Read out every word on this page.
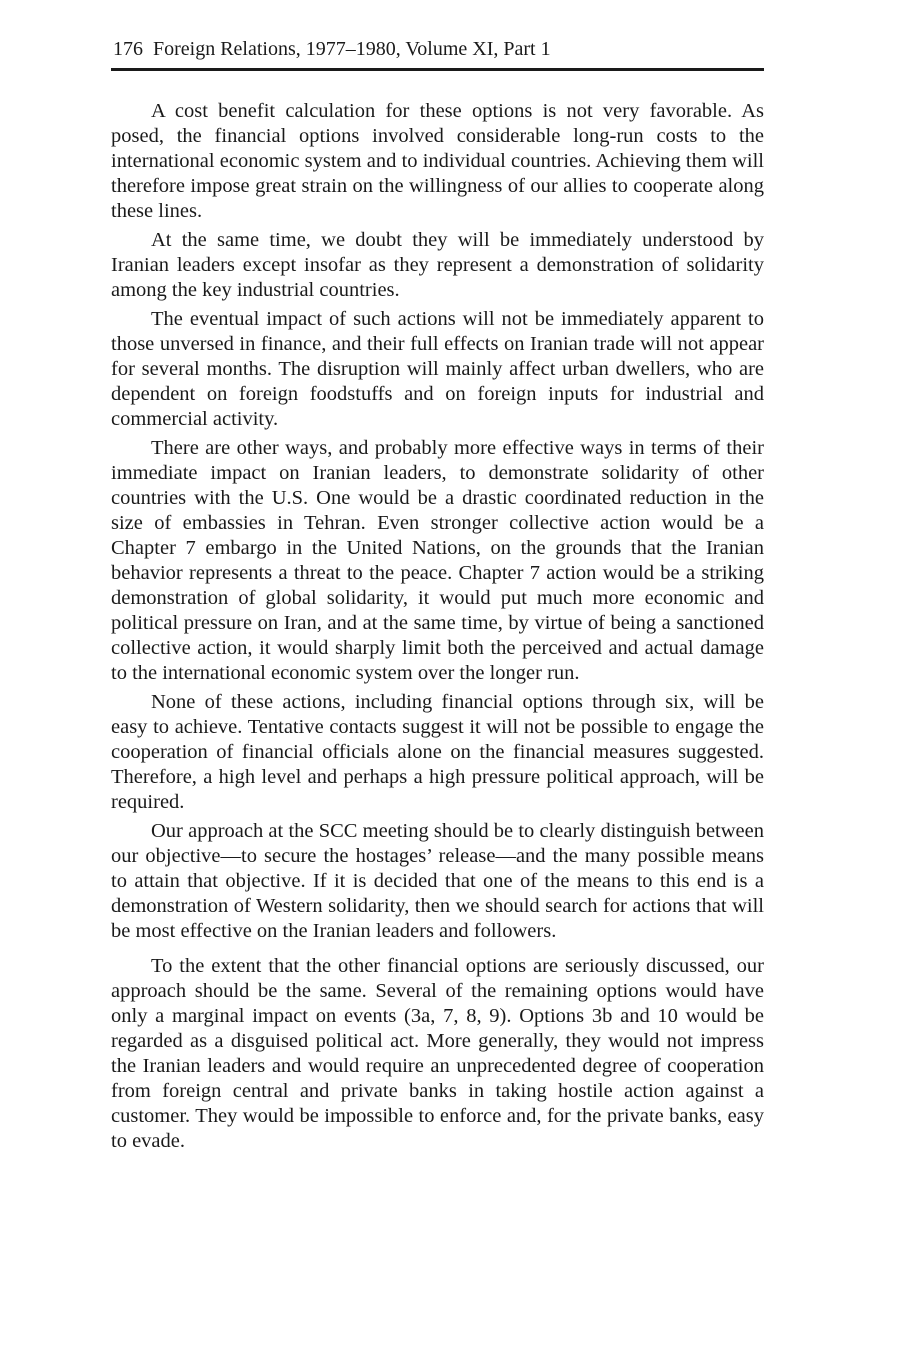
176 Foreign Relations, 1977–1980, Volume XI, Part 1

A cost benefit calculation for these options is not very favorable. As posed, the financial options involved considerable long-run costs to the international economic system and to individual countries. Achieving them will therefore impose great strain on the willingness of our allies to cooperate along these lines.

At the same time, we doubt they will be immediately understood by Iranian leaders except insofar as they represent a demonstration of solidarity among the key industrial countries.

The eventual impact of such actions will not be immediately apparent to those unversed in finance, and their full effects on Iranian trade will not appear for several months. The disruption will mainly affect urban dwellers, who are dependent on foreign foodstuffs and on foreign inputs for industrial and commercial activity.

There are other ways, and probably more effective ways in terms of their immediate impact on Iranian leaders, to demonstrate solidarity of other countries with the U.S. One would be a drastic coordinated reduction in the size of embassies in Tehran. Even stronger collective action would be a Chapter 7 embargo in the United Nations, on the grounds that the Iranian behavior represents a threat to the peace. Chapter 7 action would be a striking demonstration of global solidarity, it would put much more economic and political pressure on Iran, and at the same time, by virtue of being a sanctioned collective action, it would sharply limit both the perceived and actual damage to the international economic system over the longer run.

None of these actions, including financial options through six, will be easy to achieve. Tentative contacts suggest it will not be possible to engage the cooperation of financial officials alone on the financial measures suggested. Therefore, a high level and perhaps a high pressure political approach, will be required.

Our approach at the SCC meeting should be to clearly distinguish between our objective—to secure the hostages’ release—and the many possible means to attain that objective. If it is decided that one of the means to this end is a demonstration of Western solidarity, then we should search for actions that will be most effective on the Iranian leaders and followers.

To the extent that the other financial options are seriously discussed, our approach should be the same. Several of the remaining options would have only a marginal impact on events (3a, 7, 8, 9). Options 3b and 10 would be regarded as a disguised political act. More generally, they would not impress the Iranian leaders and would require an unprecedented degree of cooperation from foreign central and private banks in taking hostile action against a customer. They would be impossible to enforce and, for the private banks, easy to evade.
